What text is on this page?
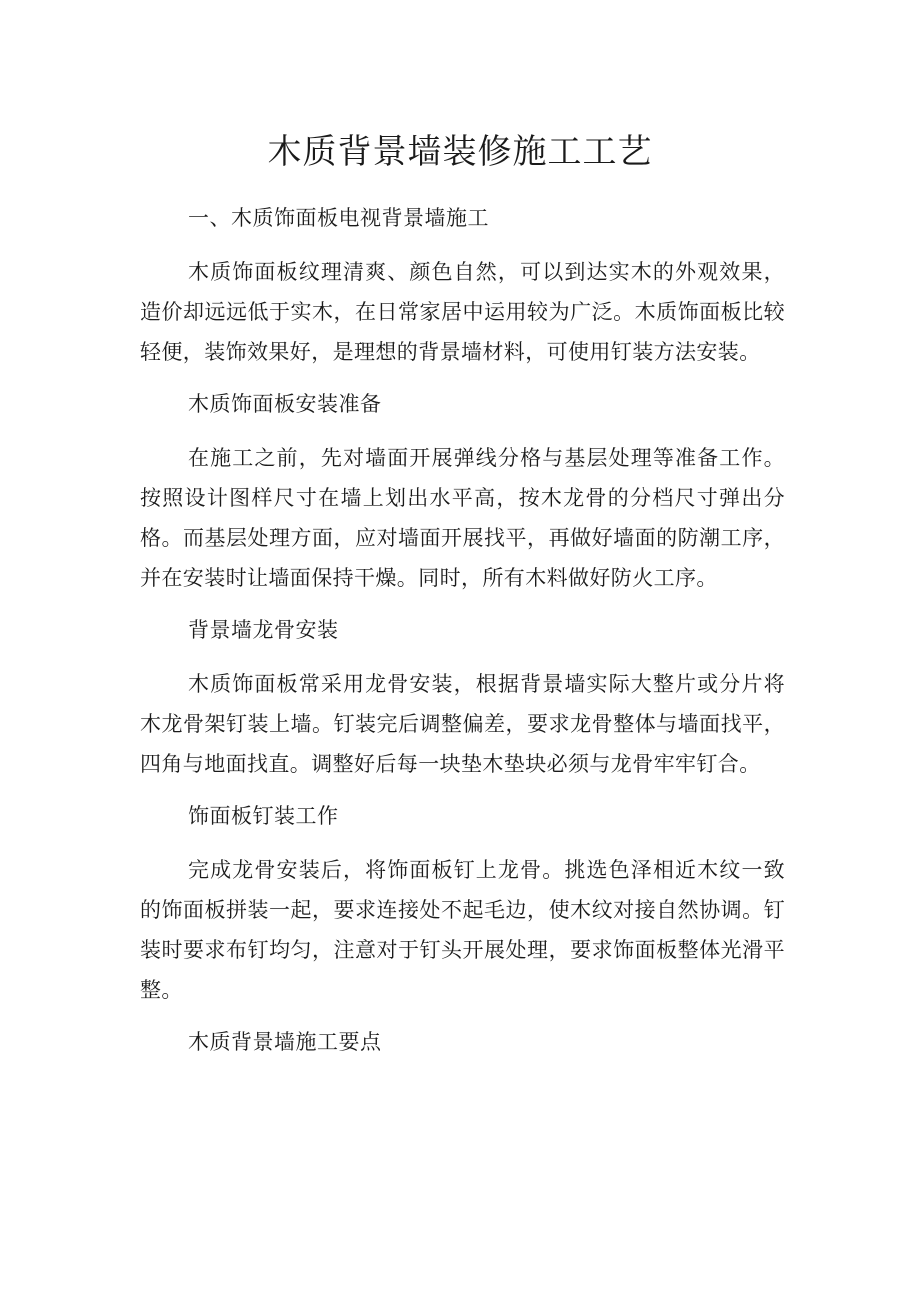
木质背景墙装修施工工艺

一、木质饰面板电视背景墙施工

木质饰面板纹理清爽、颜色自然，可以到达实木的外观效果，造价却远远低于实木，在日常家居中运用较为广泛。木质饰面板比较轻便，装饰效果好，是理想的背景墙材料，可使用钉装方法安装。

木质饰面板安装准备

在施工之前，先对墙面开展弹线分格与基层处理等准备工作。按照设计图样尺寸在墙上划出水平高，按木龙骨的分档尺寸弹出分格。而基层处理方面，应对墙面开展找平，再做好墙面的防潮工序，并在安装时让墙面保持干燥。同时，所有木料做好防火工序。

背景墙龙骨安装

木质饰面板常采用龙骨安装，根据背景墙实际大整片或分片将木龙骨架钉装上墙。钉装完后调整偏差，要求龙骨整体与墙面找平，四角与地面找直。调整好后每一块垫木垫块必须与龙骨牢牢钉合。

饰面板钉装工作

完成龙骨安装后，将饰面板钉上龙骨。挑选色泽相近木纹一致的饰面板拼装一起，要求连接处不起毛边，使木纹对接自然协调。钉装时要求布钉均匀，注意对于钉头开展处理，要求饰面板整体光滑平整。

木质背景墙施工要点
